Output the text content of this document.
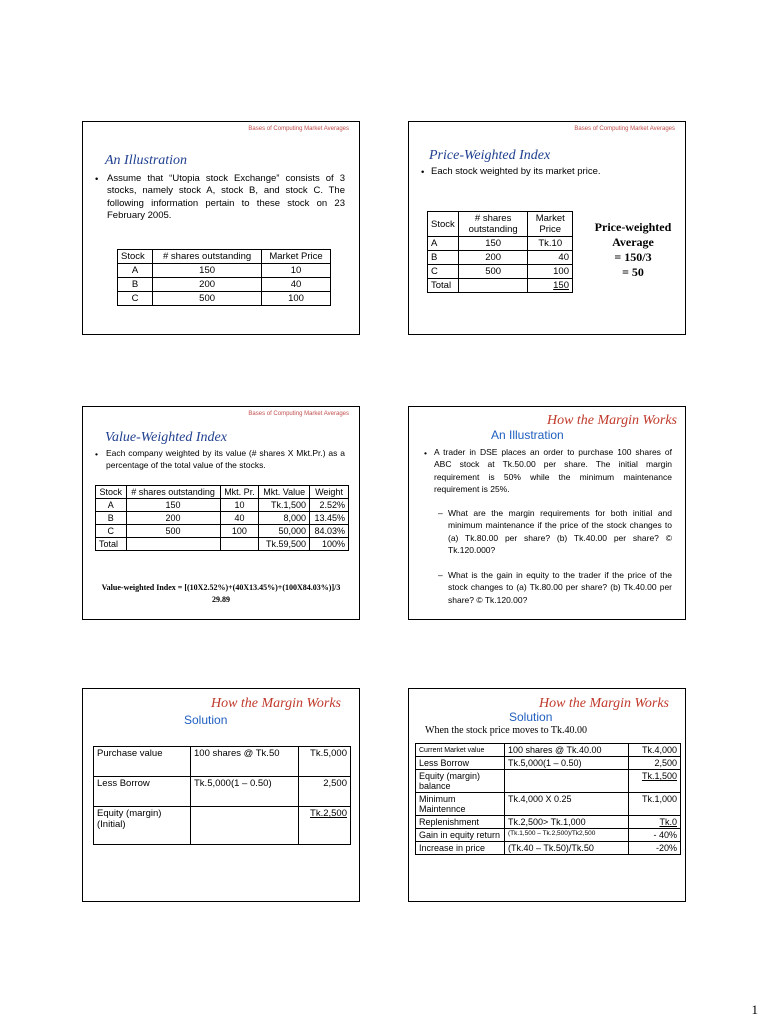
Bases of Computing Market Averages
An Illustration
• Assume that “Utopia stock Exchange” consists of 3 stocks, namely stock A, stock B, and stock C. The following information pertain to these stock on 23 February 2005.
Stock	# shares outstanding	Market Price
A	150	10
B	200	40
C	500	100
Bases of Computing Market Averages
Price-Weighted Index
• Each stock weighted by its market price.
Stock	# shares outstanding	Market Price
A	150	Tk.10
B	200	40
C	500	100
Total		150
Price-weighted
Average
= 150/3
= 50
Bases of Computing Market Averages
Value-Weighted Index
• Each company weighted by its value (# shares X Mkt.Pr.) as a percentage of the total value of the stocks.
Stock	# shares outstanding	Mkt. Pr.	Mkt. Value	Weight
A	150	10	Tk.1,500	2.52%
B	200	40	8,000	13.45%
C	500	100	50,000	84.03%
Total			Tk.59,500	100%
Value-weighted Index = [(10X2.52%)+(40X13.45%)+(100X84.03%)]/3
29.89
How the Margin Works
An Illustration
• A trader in DSE places an order to purchase 100 shares of ABC stock at Tk.50.00 per share. The initial margin requirement is 50% while the minimum maintenance requirement is 25%.
– What are the margin requirements for both initial and minimum maintenance if the price of the stock changes to (a) Tk.80.00 per share? (b) Tk.40.00 per share? © Tk.120.000?
– What is the gain in equity to the trader if the price of the stock changes to (a) Tk.80.00 per share? (b) Tk.40.00 per share? © Tk.120.00?
How the Margin Works
Solution
Purchase value	100 shares @ Tk.50	Tk.5,000
Less Borrow	Tk.5,000(1 – 0.50)	2,500
Equity (margin) (Initial)		Tk.2,500
How the Margin Works
Solution
When the stock price moves to Tk.40.00
Current Market value	100 shares @ Tk.40.00	Tk.4,000
Less Borrow	Tk.5,000(1 – 0.50)	2,500
Equity (margin) balance		Tk.1,500
Minimum Maintennce	Tk.4,000 X 0.25	Tk.1,000
Replenishment	Tk.2,500> Tk.1,000	Tk.0
Gain in equity return	(Tk.1,500 – Tk.2,500)/Tk2,500	- 40%
Increase in price	(Tk.40 – Tk.50)/Tk.50	-20%
1
